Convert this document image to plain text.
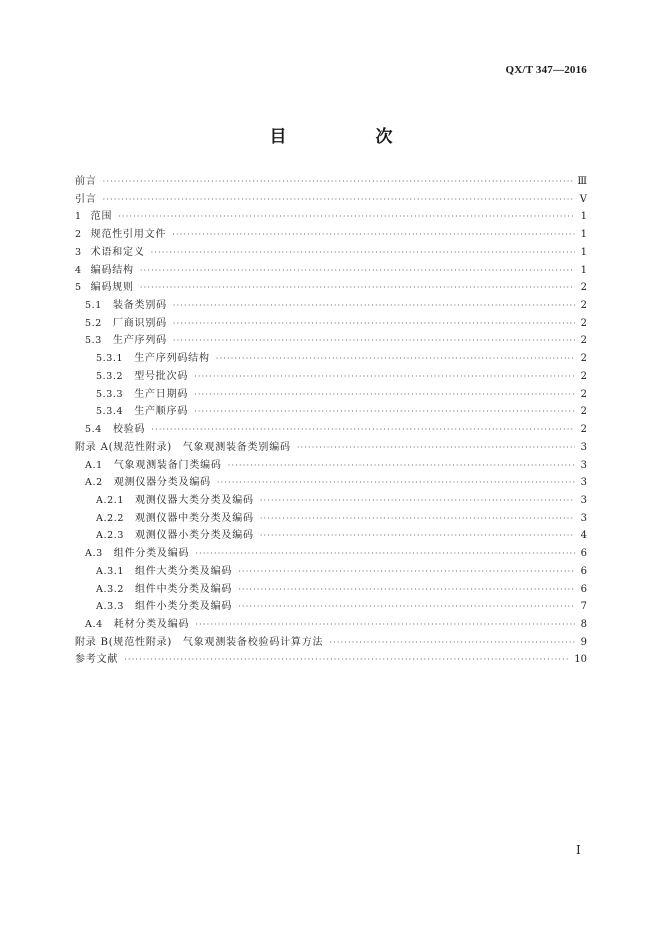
QX/T 347—2016
目　次
前言 ·····	Ⅲ
引言 ·····	Ⅴ
1 范围 ·····	1
2 规范性引用文件 ·····	1
3 术语和定义 ·····	1
4 编码结构 ·····	1
5 编码规则 ·····	2
5.1 装备类别码 ·····	2
5.2 厂商识别码 ·····	2
5.3 生产序列码 ·····	2
5.3.1 生产序列码结构 ·····	2
5.3.2 型号批次码 ·····	2
5.3.3 生产日期码 ·····	2
5.3.4 生产顺序码 ·····	2
5.4 校验码 ·····	2
附录 A(规范性附录)　气象观测装备类别编码 ·····	3
A.1 气象观测装备门类编码 ·····	3
A.2 观测仪器分类及编码 ·····	3
A.2.1 观测仪器大类分类及编码 ·····	3
A.2.2 观测仪器中类分类及编码 ·····	3
A.2.3 观测仪器小类分类及编码 ·····	4
A.3 组件分类及编码 ·····	6
A.3.1 组件大类分类及编码 ·····	6
A.3.2 组件中类分类及编码 ·····	6
A.3.3 组件小类分类及编码 ·····	7
A.4 耗材分类及编码 ·····	8
附录 B(规范性附录)　气象观测装备校验码计算方法 ·····	9
参考文献 ·····	10
Ⅰ
